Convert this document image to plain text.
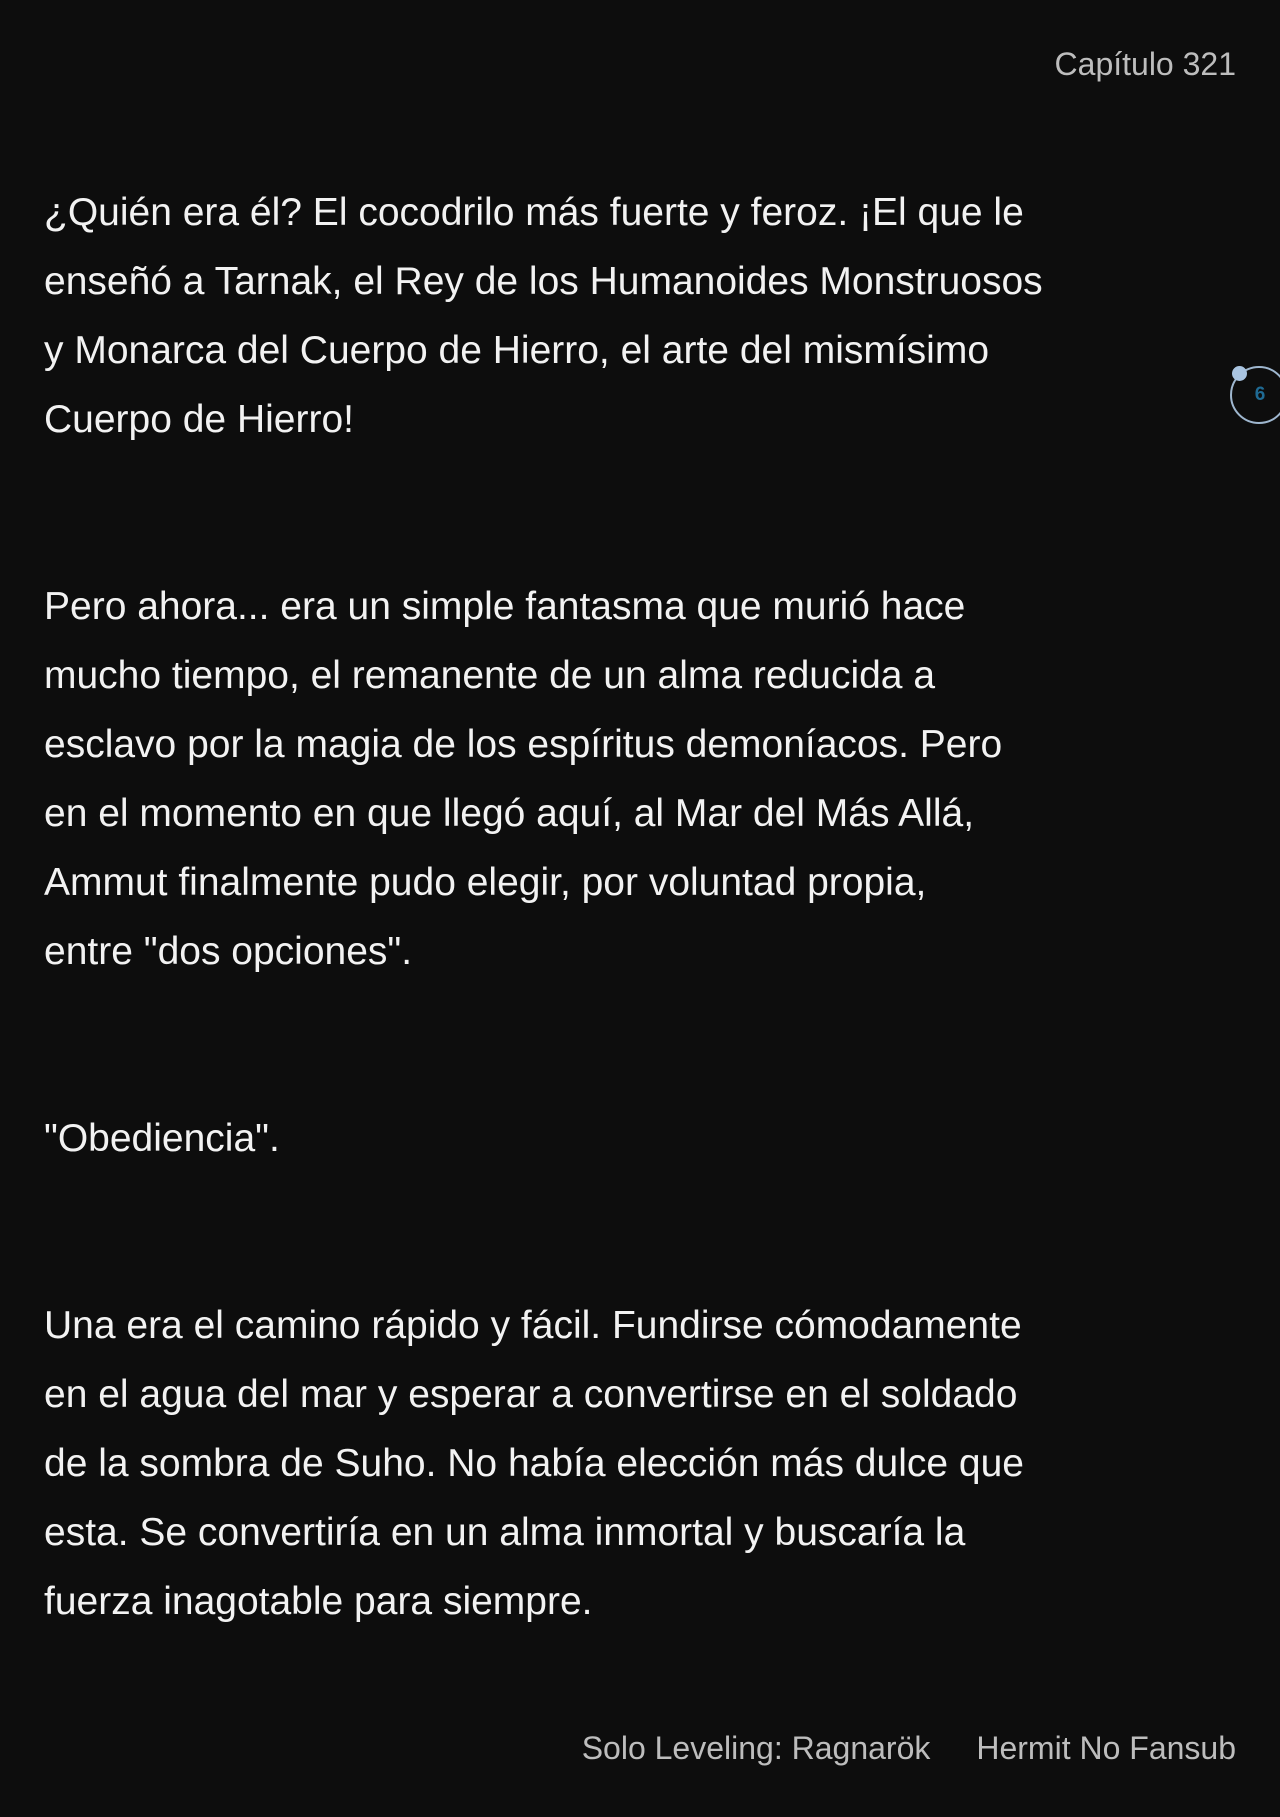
Capítulo 321
¿Quién era él? El cocodrilo más fuerte y feroz. ¡El que le
enseñó a Tarnak, el Rey de los Humanoides Monstruosos
y Monarca del Cuerpo de Hierro, el arte del mismísimo
Cuerpo de Hierro!
Pero ahora... era un simple fantasma que murió hace
mucho tiempo, el remanente de un alma reducida a
esclavo por la magia de los espíritus demoníacos. Pero
en el momento en que llegó aquí, al Mar del Más Allá,
Ammut finalmente pudo elegir, por voluntad propia,
entre "dos opciones".
"Obediencia".
Una era el camino rápido y fácil. Fundirse cómodamente
en el agua del mar y esperar a convertirse en el soldado
de la sombra de Suho. No había elección más dulce que
esta. Se convertiría en un alma inmortal y buscaría la
fuerza inagotable para siempre.
6
Solo Leveling: Ragnarök Hermit No Fansub
